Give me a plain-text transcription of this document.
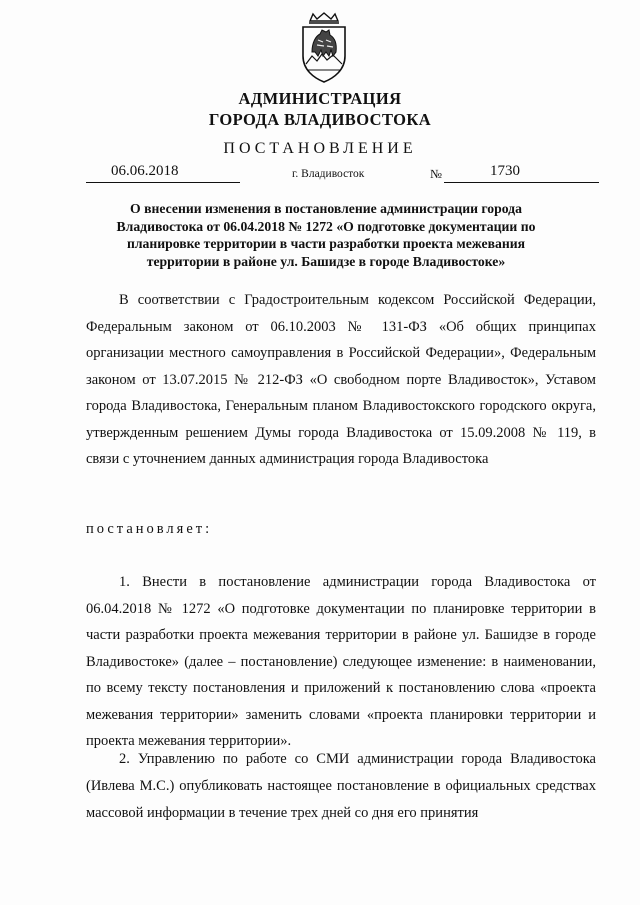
АДМИНИСТРАЦИЯ
ГОРОДА ВЛАДИВОСТОКА
ПОСТАНОВЛЕНИЕ
06.06.2018	г. Владивосток	№	1730
О внесении изменения в постановление администрации города Владивостока от 06.04.2018 № 1272 «О подготовке документации по планировке территории в части разработки проекта межевания территории в районе ул. Башидзе в городе Владивостоке»
В соответствии с Градостроительным кодексом Российской Федерации, Федеральным законом от 06.10.2003 № 131-ФЗ «Об общих принципах организации местного самоуправления в Российской Федерации», Федеральным законом от 13.07.2015 № 212-ФЗ «О свободном порте Владивосток», Уставом города Владивостока, Генеральным планом Владивостокского городского округа, утвержденным решением Думы города Владивостока от 15.09.2008 № 119, в связи с уточнением данных администрация города Владивостока
постановляет:
1. Внести в постановление администрации города Владивостока от 06.04.2018 № 1272 «О подготовке документации по планировке территории в части разработки проекта межевания территории в районе ул. Башидзе в городе Владивостоке» (далее – постановление) следующее изменение: в наименовании, по всему тексту постановления и приложений к постановлению слова «проекта межевания территории» заменить словами «проекта планировки территории и проекта межевания территории».
2. Управлению по работе со СМИ администрации города Владивостока (Ивлева М.С.) опубликовать настоящее постановление в официальных средствах массовой информации в течение трех дней со дня его принятия
